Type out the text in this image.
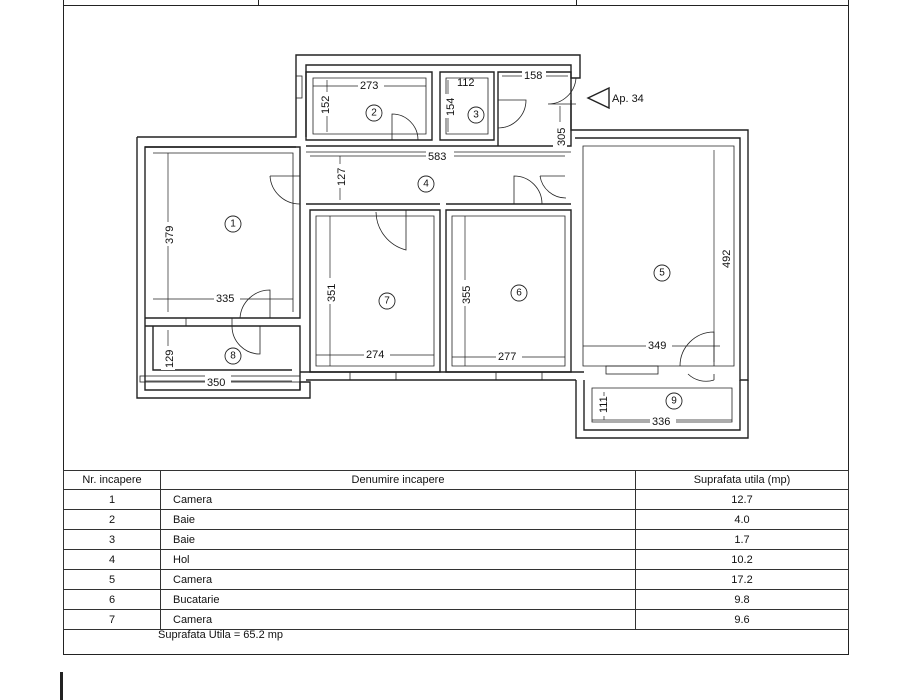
273
152
112
154
158
305
583
127
379
335	351
274
355
277
492
349
129
350
111
336
1
2	3
4
5
6
7
8
9
Ap. 34
Nr. incapere	Denumire incapere	Suprafata utila (mp)
1	Camera	12.7
2	Baie	4.0
3	Baie	1.7
4	Hol	10.2
5	Camera	17.2
6	Bucatarie	9.8
7	Camera	9.6
Suprafata Utila = 65.2 mp
